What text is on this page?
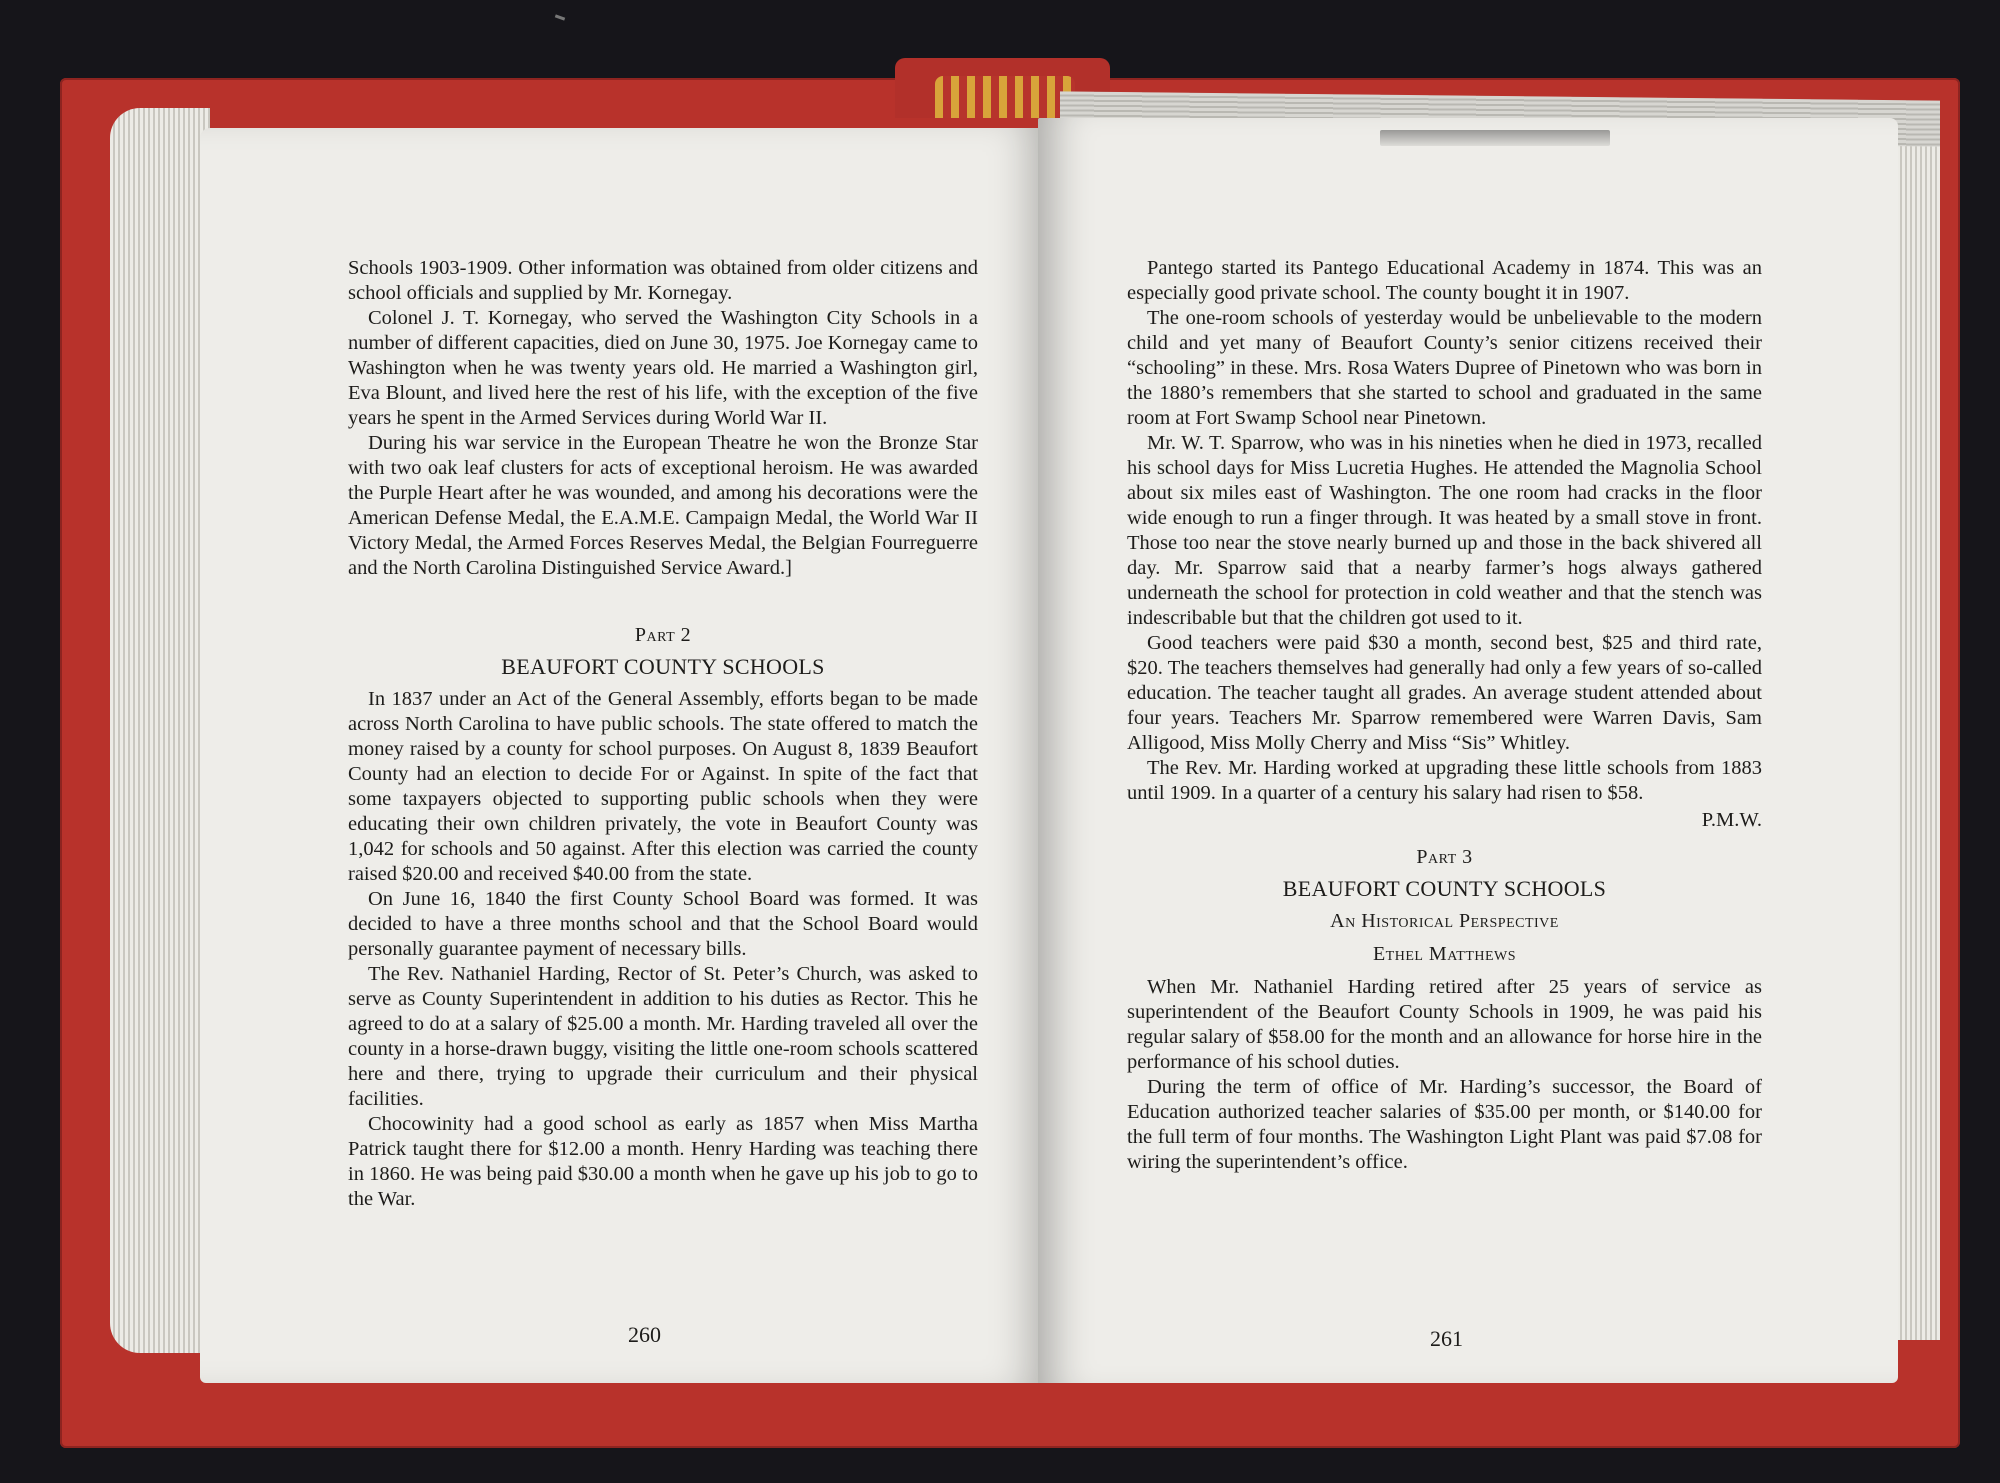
Schools 1903-1909. Other information was obtained from older citizens and school officials and supplied by Mr. Kornegay.

Colonel J. T. Kornegay, who served the Washington City Schools in a number of different capacities, died on June 30, 1975. Joe Kornegay came to Washington when he was twenty years old. He married a Washington girl, Eva Blount, and lived here the rest of his life, with the exception of the five years he spent in the Armed Services during World War II.

During his war service in the European Theatre he won the Bronze Star with two oak leaf clusters for acts of exceptional heroism. He was awarded the Purple Heart after he was wounded, and among his decorations were the American Defense Medal, the E.A.M.E. Campaign Medal, the World War II Victory Medal, the Armed Forces Reserves Medal, the Belgian Fourreguerre and the North Carolina Distinguished Service Award.]

Part 2
BEAUFORT COUNTY SCHOOLS

In 1837 under an Act of the General Assembly, efforts began to be made across North Carolina to have public schools. The state offered to match the money raised by a county for school purposes. On August 8, 1839 Beaufort County had an election to decide For or Against. In spite of the fact that some taxpayers objected to supporting public schools when they were educating their own children privately, the vote in Beaufort County was 1,042 for schools and 50 against. After this election was carried the county raised $20.00 and received $40.00 from the state.

On June 16, 1840 the first County School Board was formed. It was decided to have a three months school and that the School Board would personally guarantee payment of necessary bills.

The Rev. Nathaniel Harding, Rector of St. Peter’s Church, was asked to serve as County Superintendent in addition to his duties as Rector. This he agreed to do at a salary of $25.00 a month. Mr. Harding traveled all over the county in a horse-drawn buggy, visiting the little one-room schools scattered here and there, trying to upgrade their curriculum and their physical facilities.

Chocowinity had a good school as early as 1857 when Miss Martha Patrick taught there for $12.00 a month. Henry Harding was teaching there in 1860. He was being paid $30.00 a month when he gave up his job to go to the War.

260

Pantego started its Pantego Educational Academy in 1874. This was an especially good private school. The county bought it in 1907.

The one-room schools of yesterday would be unbelievable to the modern child and yet many of Beaufort County’s senior citizens received their “schooling” in these. Mrs. Rosa Waters Dupree of Pinetown who was born in the 1880’s remembers that she started to school and graduated in the same room at Fort Swamp School near Pinetown.

Mr. W. T. Sparrow, who was in his nineties when he died in 1973, recalled his school days for Miss Lucretia Hughes. He attended the Magnolia School about six miles east of Washington. The one room had cracks in the floor wide enough to run a finger through. It was heated by a small stove in front. Those too near the stove nearly burned up and those in the back shivered all day. Mr. Sparrow said that a nearby farmer’s hogs always gathered underneath the school for protection in cold weather and that the stench was indescribable but that the children got used to it.

Good teachers were paid $30 a month, second best, $25 and third rate, $20. The teachers themselves had generally had only a few years of so-called education. The teacher taught all grades. An average student attended about four years. Teachers Mr. Sparrow remembered were Warren Davis, Sam Alligood, Miss Molly Cherry and Miss “Sis” Whitley.

The Rev. Mr. Harding worked at upgrading these little schools from 1883 until 1909. In a quarter of a century his salary had risen to $58.

P.M.W.
Part 3
BEAUFORT COUNTY SCHOOLS
An Historical Perspective
Ethel Matthews

When Mr. Nathaniel Harding retired after 25 years of service as superintendent of the Beaufort County Schools in 1909, he was paid his regular salary of $58.00 for the month and an allowance for horse hire in the performance of his school duties.

During the term of office of Mr. Harding’s successor, the Board of Education authorized teacher salaries of $35.00 per month, or $140.00 for the full term of four months. The Washington Light Plant was paid $7.08 for wiring the superintendent’s office.

261
